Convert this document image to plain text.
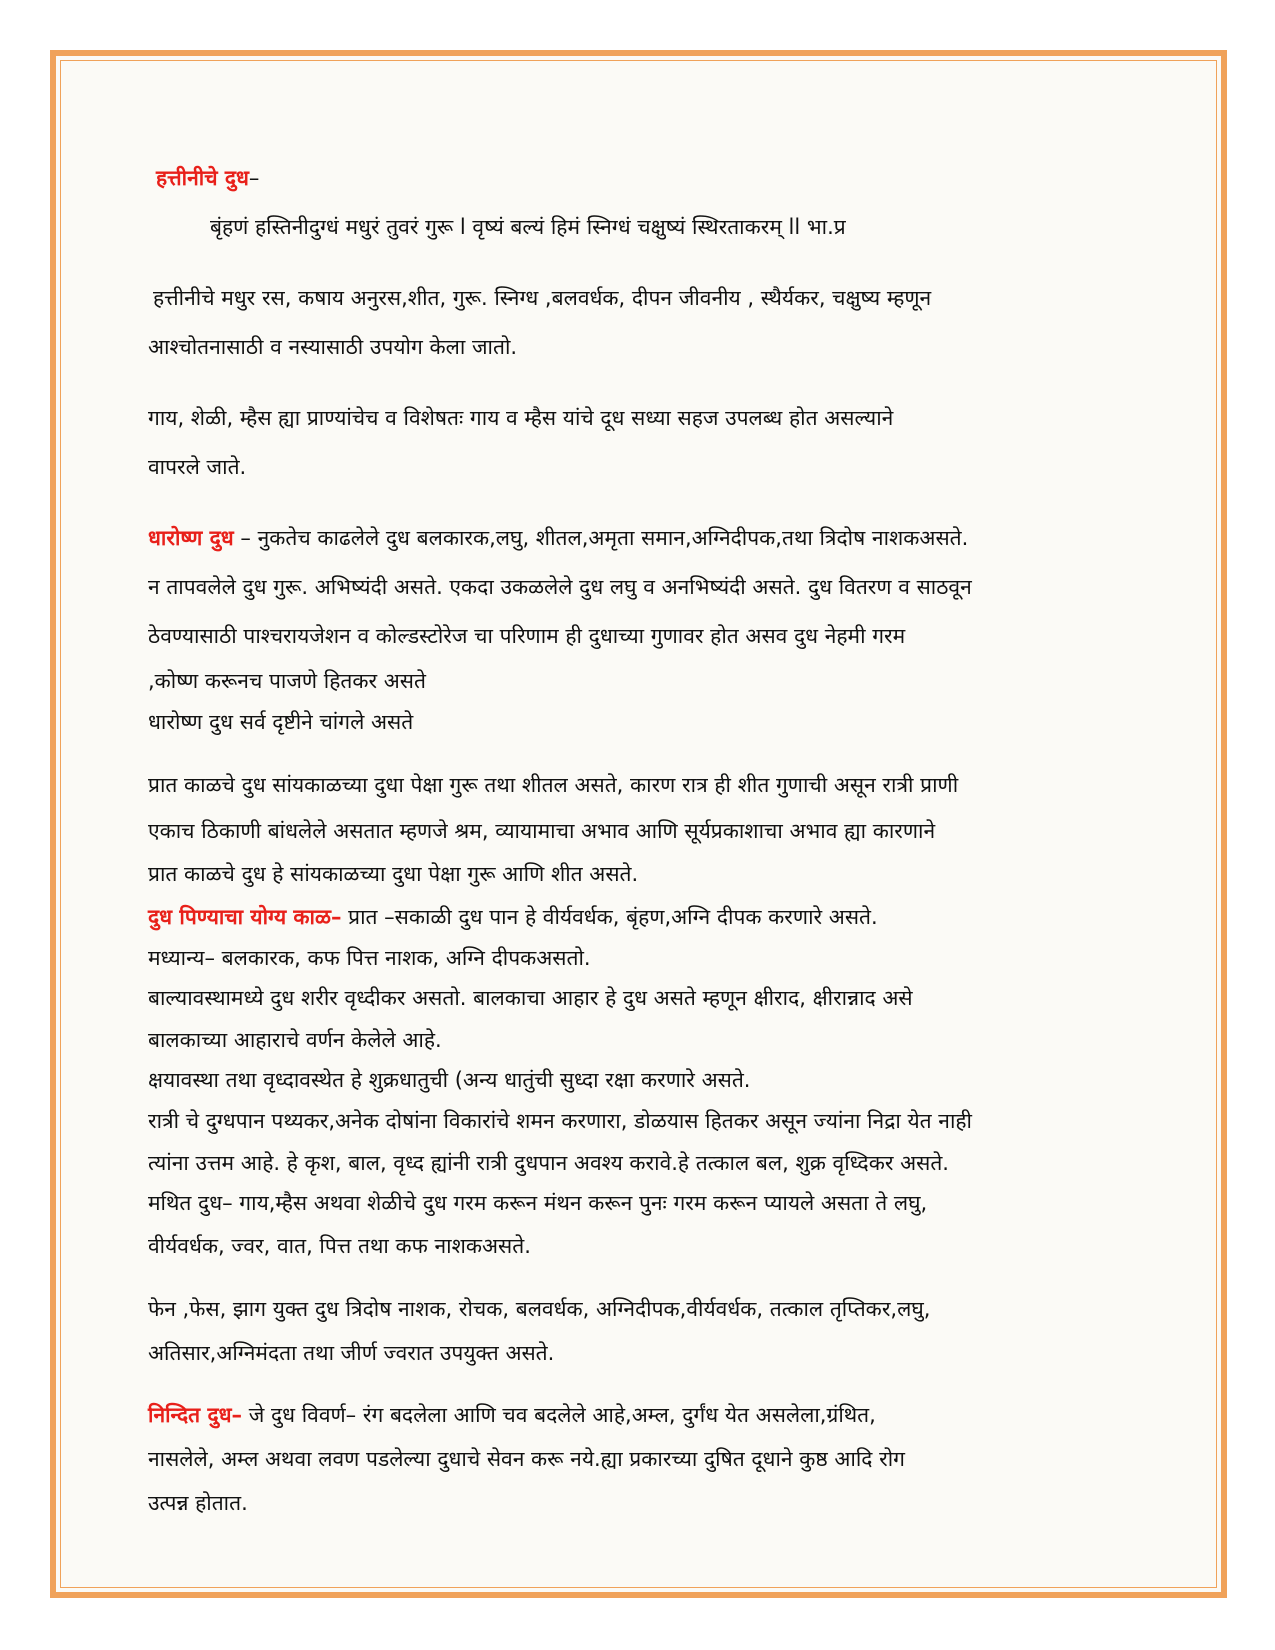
हत्तीनीचे दुध–

बृंहणं हस्तिनीदुग्धं मधुरं तुवरं गुरू l वृष्यं बल्यं हिमं स्निग्धं चक्षुष्यं स्थिरताकरम् ll भा.प्र

हत्तीनीचे मधुर रस, कषाय अनुरस,शीत, गुरू. स्निग्ध ,बलवर्धक, दीपन जीवनीय , स्थैर्यकर, चक्षुष्य म्हणून

आश्चोतनासाठी व नस्यासाठी उपयोग केला जातो.

गाय, शेळी, म्हैस ह्या प्राण्यांचेच व विशेषतः गाय व म्हैस यांचे दूध सध्या सहज उपलब्ध होत असल्याने

वापरले जाते.

धारोष्ण दुध – नुकतेच काढलेले दुध बलकारक,लघु, शीतल,अमृता समान,अग्निदीपक,तथा त्रिदोष नाशकअसते.

न तापवलेले दुध गुरू. अभिष्यंदी असते. एकदा उकळलेले दुध लघु व अनभिष्यंदी असते. दुध वितरण व साठवून

ठेवण्यासाठी पाश्चरायजेशन व कोल्डस्टोरेज चा परिणाम ही दुधाच्या गुणावर होत असव दुध नेहमी गरम

,कोष्ण करूनच पाजणे हितकर असते

धारोष्ण दुध सर्व दृष्टीने चांगले असते

प्रात काळचे दुध सांयकाळच्या दुधा पेक्षा गुरू तथा शीतल असते, कारण रात्र ही शीत गुणाची असून रात्री प्राणी

एकाच ठिकाणी बांधलेले असतात म्हणजे श्रम, व्यायामाचा अभाव आणि सूर्यप्रकाशाचा अभाव ह्या कारणाने

प्रात काळचे दुध हे सांयकाळच्या दुधा पेक्षा गुरू आणि शीत असते.

दुध पिण्याचा योग्य काळ– प्रात –सकाळी दुध पान हे वीर्यवर्धक, बृंहण,अग्नि दीपक करणारे असते.

मध्यान्य– बलकारक, कफ पित्त नाशक, अग्नि दीपकअसतो.

बाल्यावस्थामध्ये दुध शरीर वृध्दीकर असतो. बालकाचा आहार हे दुध असते म्हणून क्षीराद, क्षीरान्नाद असे

बालकाच्या आहाराचे वर्णन केलेले आहे.

क्षयावस्था तथा वृध्दावस्थेत हे शुक्रधातुची (अन्य धातुंची सुध्दा रक्षा करणारे असते.

रात्री चे दुग्धपान पथ्यकर,अनेक दोषांना विकारांचे शमन करणारा, डोळयास हितकर असून ज्यांना निद्रा येत नाही

त्यांना उत्तम आहे. हे कृश, बाल, वृध्द ह्यांनी रात्री दुधपान अवश्य करावे.हे तत्काल बल, शुक्र वृध्दिकर असते.

मथित दुध– गाय,म्हैस अथवा शेळीचे दुध गरम करून मंथन करून पुनः गरम करून प्यायले असता ते लघु,

वीर्यवर्धक, ज्वर, वात, पित्त तथा कफ नाशकअसते.

फेन ,फेस, झाग युक्त दुध त्रिदोष नाशक, रोचक, बलवर्धक, अग्निदीपक,वीर्यवर्धक, तत्काल तृप्तिकर,लघु,

अतिसार,अग्निमंदता तथा जीर्ण ज्वरात उपयुक्त असते.

निन्दित दुध– जे दुध विवर्ण– रंग बदलेला आणि चव बदलेले आहे,अम्ल, दुर्गंध येत असलेला,ग्रंथित,

नासलेले, अम्ल अथवा लवण पडलेल्या दुधाचे सेवन करू नये.ह्या प्रकारच्या दुषित दूधाने कुष्ठ आदि रोग

उत्पन्न होतात.
